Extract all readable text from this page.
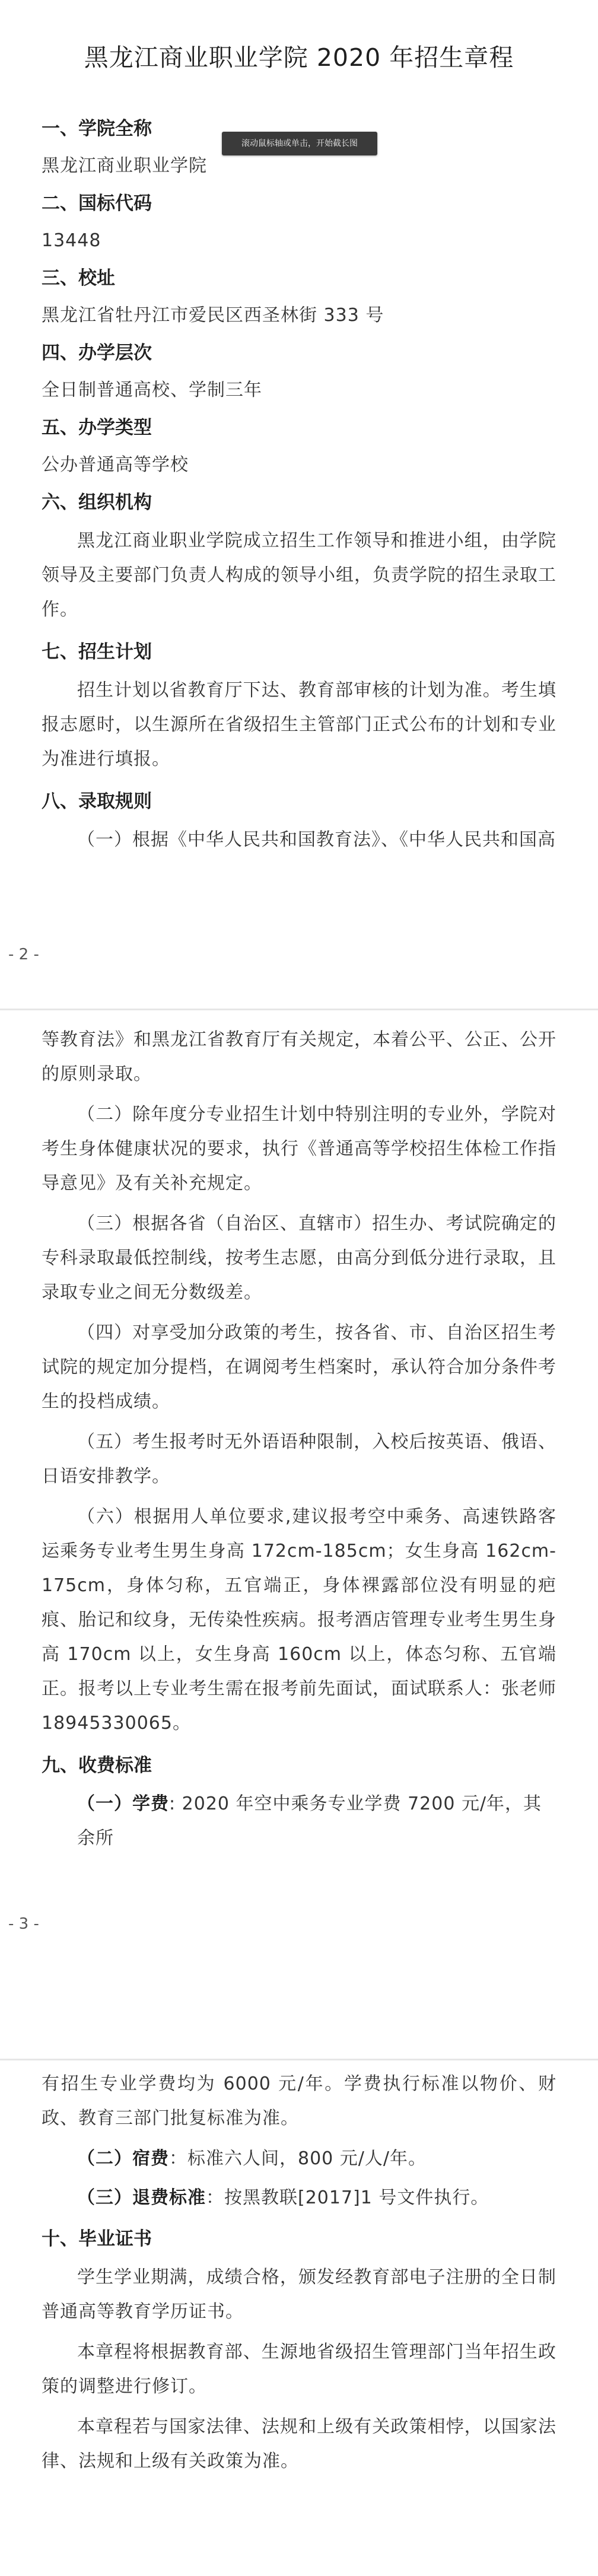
黑龙江商业职业学院 2020 年招生章程
一、学院全称
黑龙江商业职业学院
二、国标代码
13448
三、校址
黑龙江省牡丹江市爱民区西圣林街 333 号
四、办学层次
全日制普通高校、学制三年
五、办学类型
公办普通高等学校
六、组织机构

黑龙江商业职业学院成立招生工作领导和推进小组，由学院领导及主要部门负责人构成的领导小组，负责学院的招生录取工作。

七、招生计划

招生计划以省教育厅下达、教育部审核的计划为准。考生填报志愿时，以生源所在省级招生主管部门正式公布的计划和专业为准进行填报。

八、录取规则

（一）根据《中华人民共和国教育法》、《中华人民共和国高

- 2 -

等教育法》和黑龙江省教育厅有关规定，本着公平、公正、公开的原则录取。

（二）除年度分专业招生计划中特别注明的专业外，学院对考生身体健康状况的要求，执行《普通高等学校招生体检工作指导意见》及有关补充规定。

（三）根据各省（自治区、直辖市）招生办、考试院确定的专科录取最低控制线，按考生志愿，由高分到低分进行录取，且录取专业之间无分数级差。

（四）对享受加分政策的考生，按各省、市、自治区招生考试院的规定加分提档，在调阅考生档案时，承认符合加分条件考生的投档成绩。

（五）考生报考时无外语语种限制，入校后按英语、俄语、日语安排教学。

（六）根据用人单位要求,建议报考空中乘务、高速铁路客运乘务专业考生男生身高 172cm-185cm；女生身高 162cm-175cm，身体匀称，五官端正，身体裸露部位没有明显的疤痕、胎记和纹身，无传染性疾病。报考酒店管理专业考生男生身高 170cm 以上，女生身高 160cm 以上，体态匀称、五官端正。报考以上专业考生需在报考前先面试，面试联系人：张老师 18945330065。

九、收费标准

（一）学费: 2020 年空中乘务专业学费 7200 元/年，其余所

- 3 -

有招生专业学费均为 6000 元/年。学费执行标准以物价、财政、教育三部门批复标准为准。

（二）宿费：标准六人间，800 元/人/年。

（三）退费标准：按黑教联[2017]1 号文件执行。

十、毕业证书

学生学业期满，成绩合格，颁发经教育部电子注册的全日制普通高等教育学历证书。

本章程将根据教育部、生源地省级招生管理部门当年招生政策的调整进行修订。

本章程若与国家法律、法规和上级有关政策相悖，以国家法律、法规和上级有关政策为准。

滚动鼠标轴或单击，开始截长图
